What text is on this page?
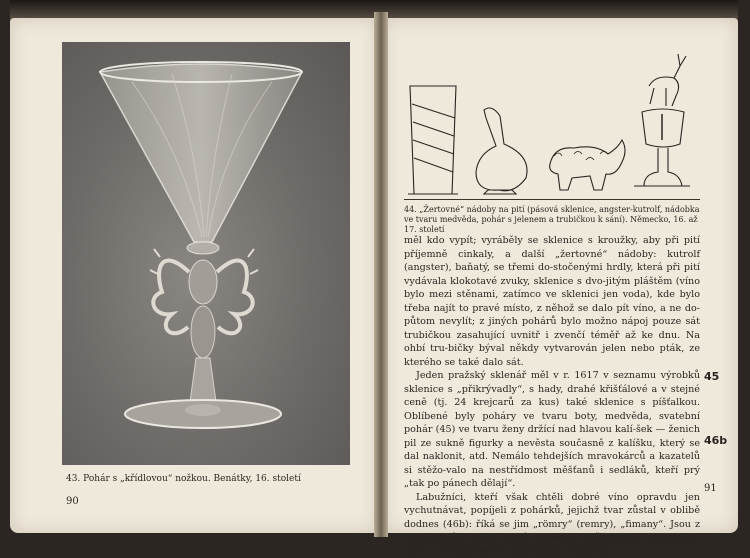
43. Pohár s „křídlovou“ nožkou. Benátky, 16. století
90
44. „Žertovné“ nádoby na pití (pásová sklenice, angster-kutrolf, nádobka ve tvaru medvěda, pohár s jelenem a trubičkou k sání). Německo, 16. až 17. století

měl kdo vypít; vyráběly se sklenice s kroužky, aby při pití příjemně cinkaly, a další „žertovné“ nádoby: kutrolf (angster), baňatý, se třemi do-stočenými hrdly, která při pití vydávala klokotavé zvuky, sklenice s dvo-jitým pláštěm (víno bylo mezi stěnami, zatímco ve sklenici jen voda), kde bylo třeba najít to pravé místo, z něhož se dalo pít víno, a ne do-půtom nevylít; z jiných pohárů bylo možno nápoj pouze sát trubičkou zasahující uvnitř i zvenčí téměř až ke dnu. Na ohbí tru-bičky býval někdy vytvarován jelen nebo pták, ze kterého se také dalo sát.

Jeden pražský sklenář měl v r. 1617 v seznamu výrobků sklenice s „přikrývadly“, s hady, drahé křišťálové a v stejné ceně (tj. 24 krejcarů za kus) také sklenice s píšťalkou. Oblíbené byly poháry ve tvaru boty, medvěda, svatební pohár (45) ve tvaru ženy držící nad hlavou kalí-šek — ženich pil ze sukně figurky a nevěsta současně z kalíšku, který se dal naklonit, atd. Nemálo tehdejších mravokárců a kazatelů si stěžo-valo na nestřídmost měšťanů i sedláků, kteří prý „tak po pánech dělají“.

Labužníci, kteří však chtěli dobré víno opravdu jen vychutnávat, popíjeli z pohárků, jejichž tvar zůstal v oblibě dodnes (46b): říká se jim „römry“ (remry), „fimany“. Jsou z nazelenalého skla, mají vysokou, kuželovitou, projmutou nohu, vroubkovanou i pupíkatou, a půlvej-

45
46b
91
